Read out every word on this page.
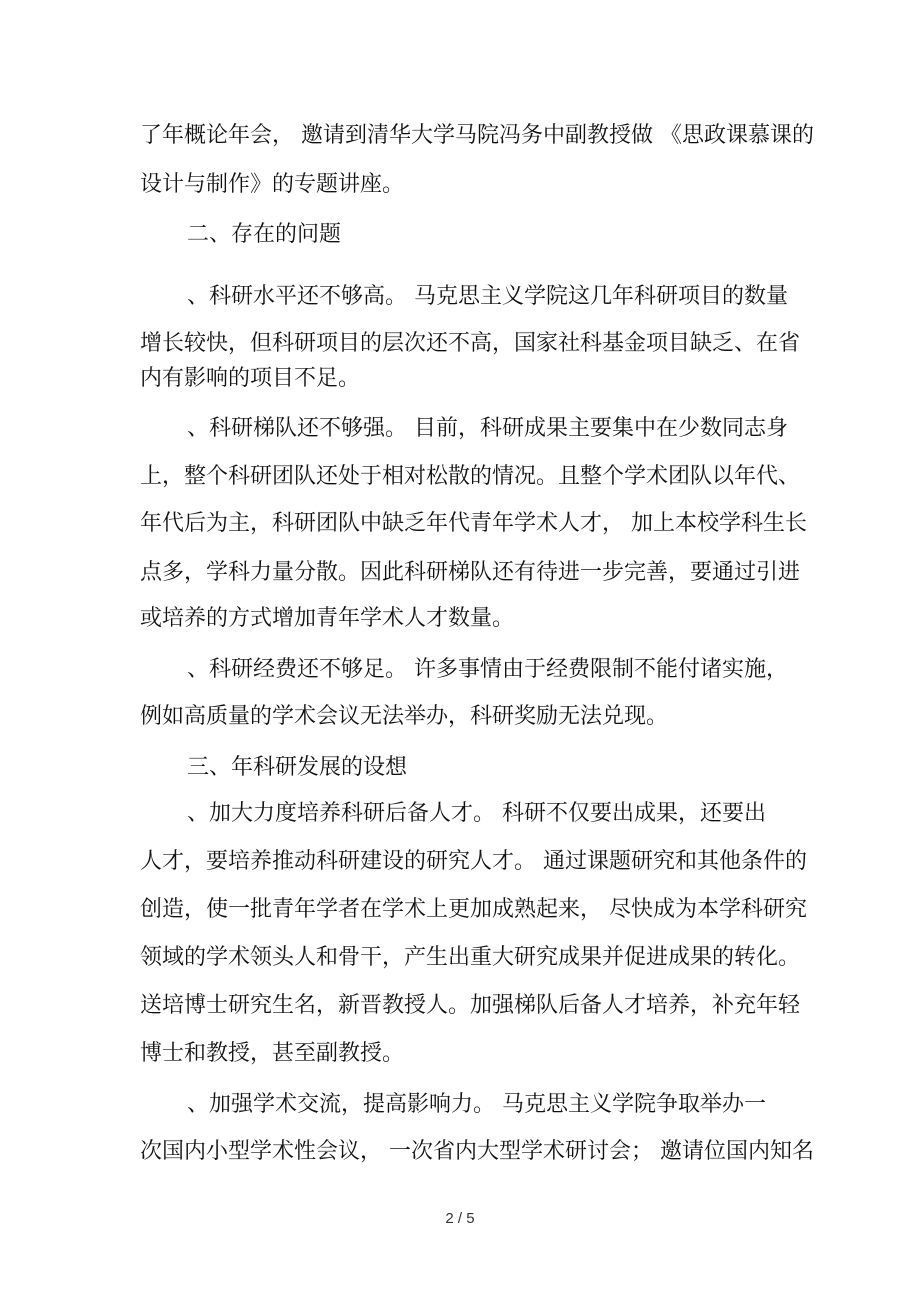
了年概论年会， 邀请到清华大学马院冯务中副教授做 《思政课慕课的
设计与制作》的专题讲座。
二、存在的问题
、科研水平还不够高。 马克思主义学院这几年科研项目的数量
增长较快，但科研项目的层次还不高，国家社科基金项目缺乏、在省
内有影响的项目不足。
、科研梯队还不够强。 目前，科研成果主要集中在少数同志身
上，整个科研团队还处于相对松散的情况。且整个学术团队以年代、
年代后为主，科研团队中缺乏年代青年学术人才， 加上本校学科生长
点多，学科力量分散。因此科研梯队还有待进一步完善，要通过引进
或培养的方式增加青年学术人才数量。
、科研经费还不够足。 许多事情由于经费限制不能付诸实施，
例如高质量的学术会议无法举办，科研奖励无法兑现。
三、年科研发展的设想
、加大力度培养科研后备人才。 科研不仅要出成果，还要出
人才，要培养推动科研建设的研究人才。 通过课题研究和其他条件的
创造，使一批青年学者在学术上更加成熟起来， 尽快成为本学科研究
领域的学术领头人和骨干，产生出重大研究成果并促进成果的转化。
送培博士研究生名，新晋教授人。加强梯队后备人才培养，补充年轻
博士和教授，甚至副教授。
、加强学术交流，提高影响力。 马克思主义学院争取举办一
次国内小型学术性会议， 一次省内大型学术研讨会； 邀请位国内知名
2 / 5
